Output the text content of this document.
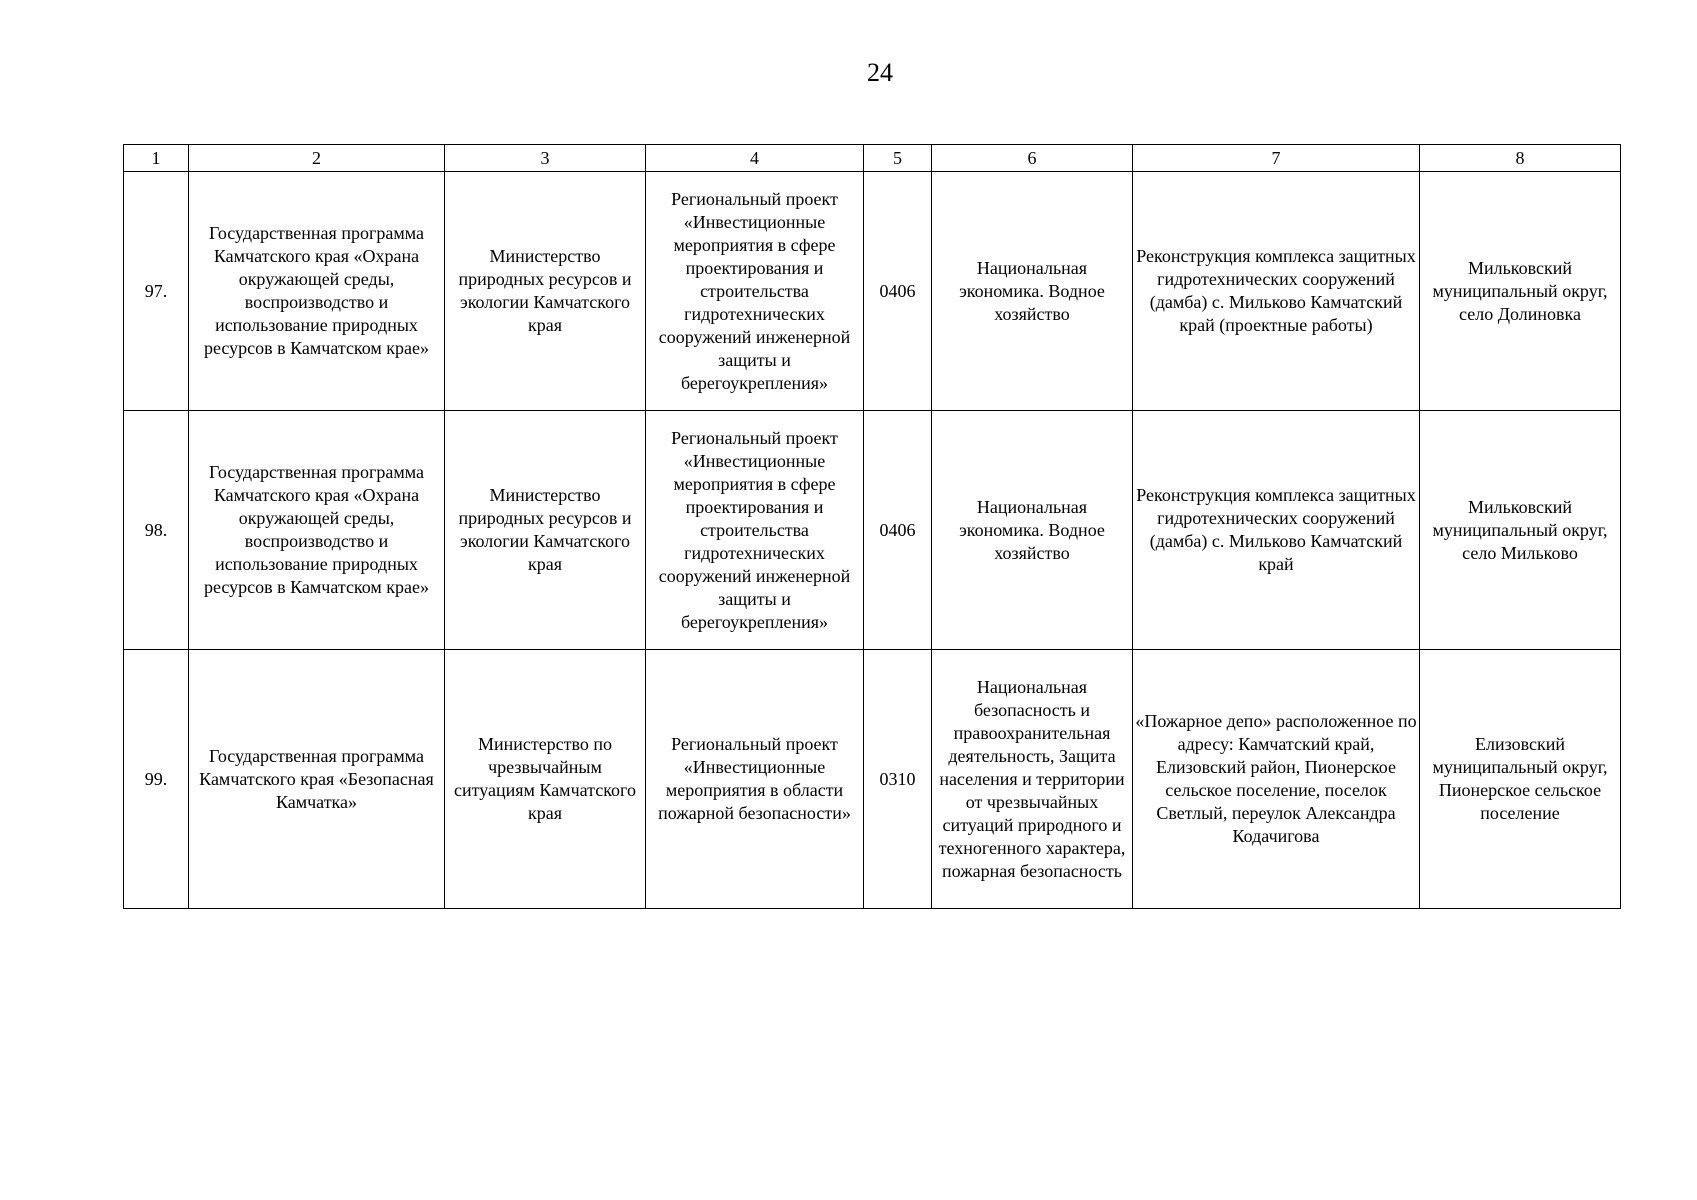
24
1	2	3	4	5	6	7	8
97.	Государственная программа Камчатского края «Охрана окружающей среды, воспроизводство и использование природных ресурсов в Камчатском крае»	Министерство природных ресурсов и экологии Камчатского края	Региональный проект «Инвестиционные мероприятия в сфере проектирования и строительства гидротехнических сооружений инженерной защиты и берегоукрепления»	0406	Национальная экономика. Водное хозяйство	Реконструкция комплекса защитных гидротехнических сооружений (дамба) с. Мильково Камчатский край (проектные работы)	Мильковский муниципальный округ, село Долиновка
98.	Государственная программа Камчатского края «Охрана окружающей среды, воспроизводство и использование природных ресурсов в Камчатском крае»	Министерство природных ресурсов и экологии Камчатского края	Региональный проект «Инвестиционные мероприятия в сфере проектирования и строительства гидротехнических сооружений инженерной защиты и берегоукрепления»	0406	Национальная экономика. Водное хозяйство	Реконструкция комплекса защитных гидротехнических сооружений (дамба) с. Мильково Камчатский край	Мильковский муниципальный округ, село Мильково
99.	Государственная программа Камчатского края «Безопасная Камчатка»	Министерство по чрезвычайным ситуациям Камчатского края	Региональный проект «Инвестиционные мероприятия в области пожарной безопасности»	0310	Национальная безопасность и правоохранительная деятельность, Защита населения и территории от чрезвычайных ситуаций природного и техногенного характера, пожарная безопасность	«Пожарное депо» расположенное по адресу: Камчатский край, Елизовский район, Пионерское сельское поселение, поселок Светлый, переулок Александра Кодачигова	Елизовский муниципальный округ, Пионерское сельское поселение
